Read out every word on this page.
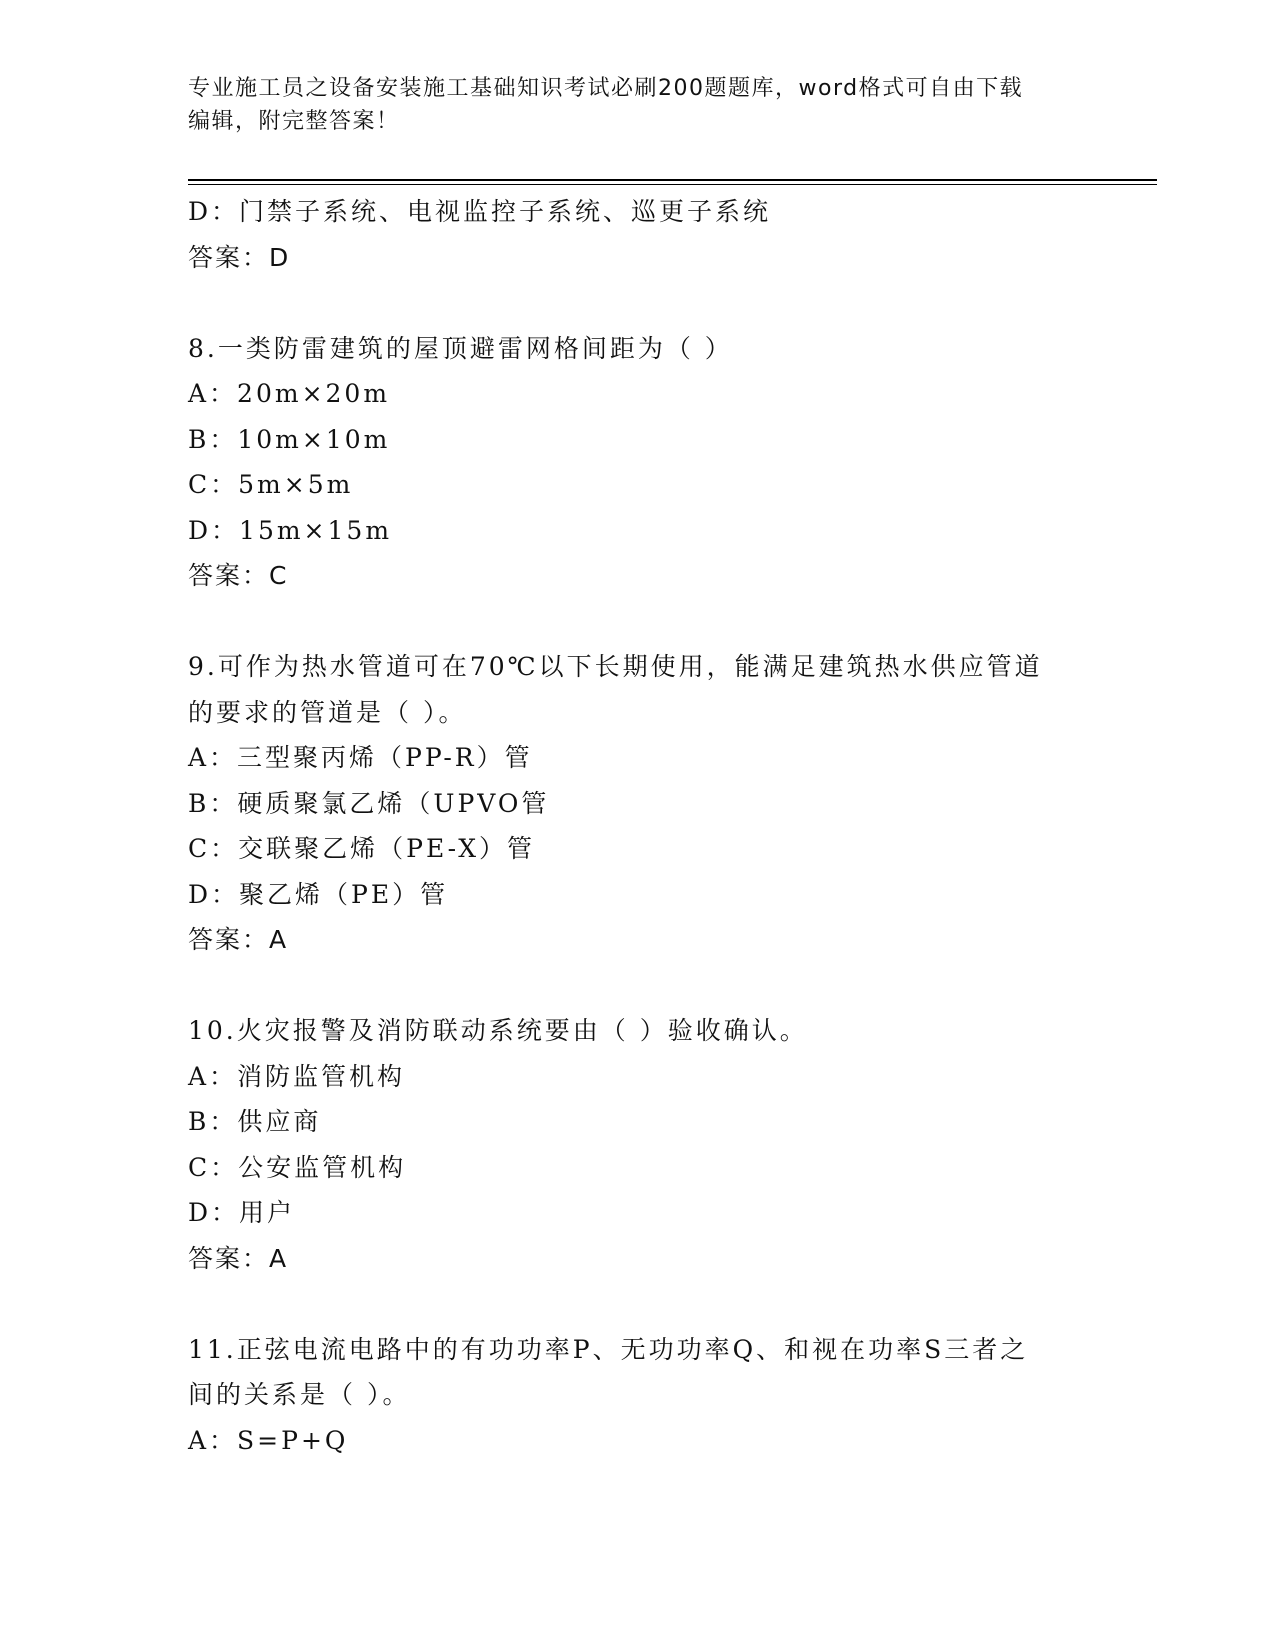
专业施工员之设备安装施工基础知识考试必刷200题题库，word格式可自由下载
编辑，附完整答案！
D：门禁子系统、电视监控子系统、巡更子系统
答案：D
8.一类防雷建筑的屋顶避雷网格间距为（ ）
A：20m×20m
B：10m×10m
C：5m×5m
D：15m×15m
答案：C
9.可作为热水管道可在70℃以下长期使用，能满足建筑热水供应管道
的要求的管道是（ ）。
A：三型聚丙烯（PP-R）管
B：硬质聚氯乙烯（UPVO管
C：交联聚乙烯（PE-X）管
D：聚乙烯（PE）管
答案：A
10.火灾报警及消防联动系统要由（ ）验收确认。
A：消防监管机构
B：供应商
C：公安监管机构
D：用户
答案：A
11.正弦电流电路中的有功功率P、无功功率Q、和视在功率S三者之
间的关系是（ ）。
A：S=P+Q
